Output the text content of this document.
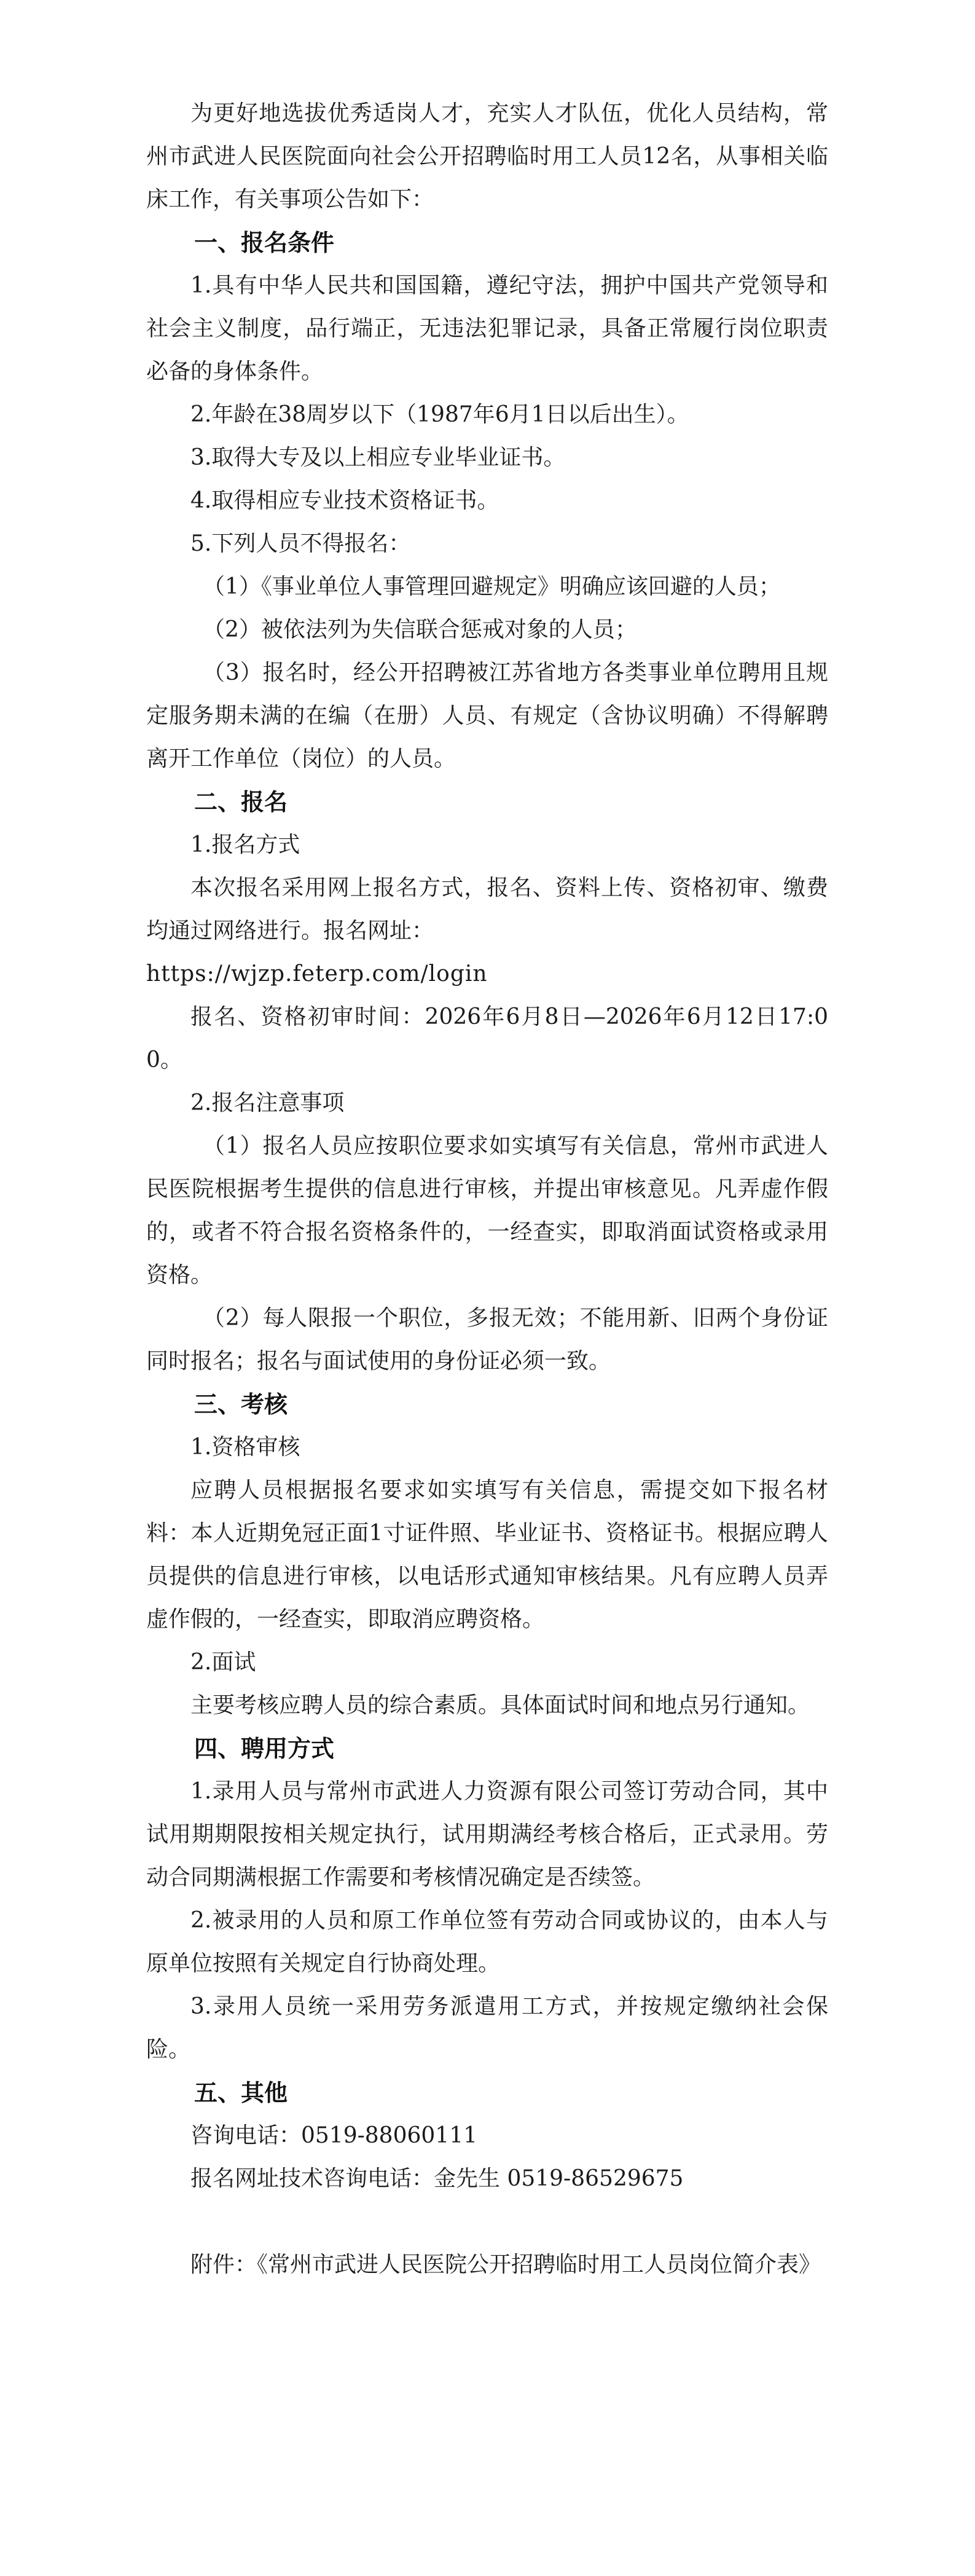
为更好地选拔优秀适岗人才，充实人才队伍，优化人员结构，常州市武进人民医院面向社会公开招聘临时用工人员12名，从事相关临床工作，有关事项公告如下：

一、报名条件

1.具有中华人民共和国国籍，遵纪守法，拥护中国共产党领导和社会主义制度，品行端正，无违法犯罪记录，具备正常履行岗位职责必备的身体条件。

2.年龄在38周岁以下（1987年6月1日以后出生）。

3.取得大专及以上相应专业毕业证书。

4.取得相应专业技术资格证书。

5.下列人员不得报名：

（1）《事业单位人事管理回避规定》明确应该回避的人员；

（2）被依法列为失信联合惩戒对象的人员；

（3）报名时，经公开招聘被江苏省地方各类事业单位聘用且规定服务期未满的在编（在册）人员、有规定（含协议明确）不得解聘离开工作单位（岗位）的人员。

二、报名

1.报名方式

本次报名采用网上报名方式，报名、资料上传、资格初审、缴费均通过网络进行。报名网址：

https://wjzp.feterp.com/login

报名、资格初审时间：2026年6月8日—2026年6月12日17:00。

2.报名注意事项

（1）报名人员应按职位要求如实填写有关信息，常州市武进人民医院根据考生提供的信息进行审核，并提出审核意见。凡弄虚作假的，或者不符合报名资格条件的，一经查实，即取消面试资格或录用资格。

（2）每人限报一个职位，多报无效；不能用新、旧两个身份证同时报名；报名与面试使用的身份证必须一致。

三、考核

1.资格审核

应聘人员根据报名要求如实填写有关信息，需提交如下报名材料：本人近期免冠正面1寸证件照、毕业证书、资格证书。根据应聘人员提供的信息进行审核，以电话形式通知审核结果。凡有应聘人员弄虚作假的，一经查实，即取消应聘资格。

2.面试

主要考核应聘人员的综合素质。具体面试时间和地点另行通知。

四、聘用方式

1.录用人员与常州市武进人力资源有限公司签订劳动合同，其中试用期期限按相关规定执行，试用期满经考核合格后，正式录用。劳动合同期满根据工作需要和考核情况确定是否续签。

2.被录用的人员和原工作单位签有劳动合同或协议的，由本人与原单位按照有关规定自行协商处理。

3.录用人员统一采用劳务派遣用工方式，并按规定缴纳社会保险。

五、其他

咨询电话：0519-88060111

报名网址技术咨询电话：金先生 0519-86529675

附件：《常州市武进人民医院公开招聘临时用工人员岗位简介表》
